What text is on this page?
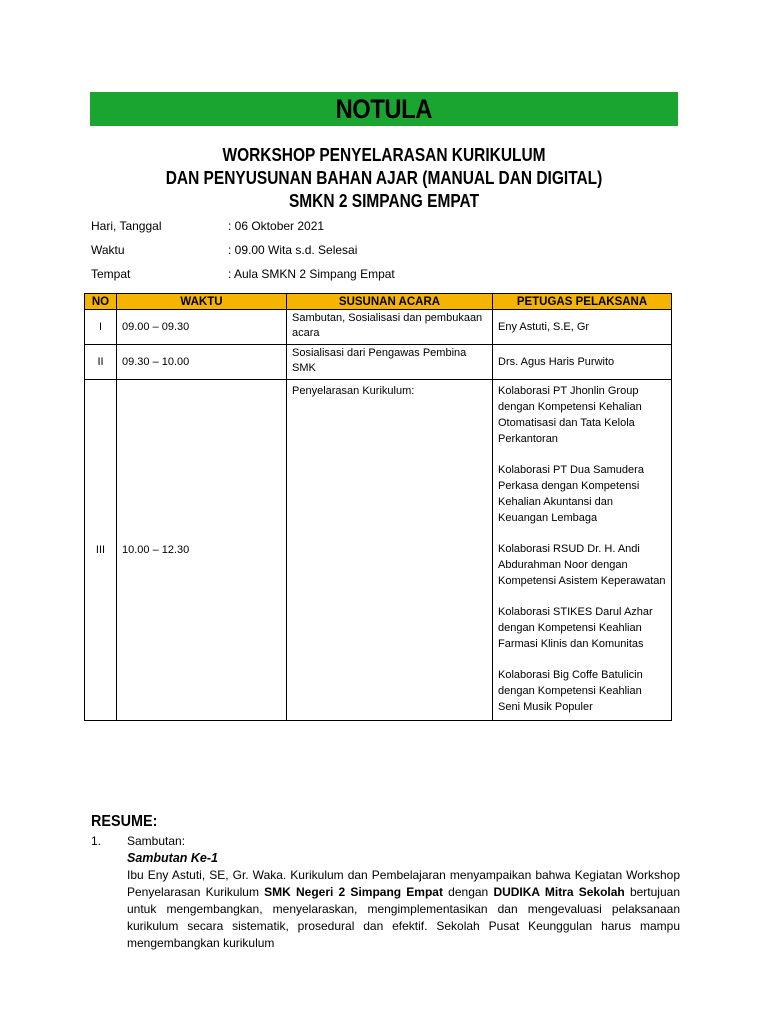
NOTULA
WORKSHOP PENYELARASAN KURIKULUM
DAN PENYUSUNAN BAHAN AJAR (MANUAL DAN DIGITAL)
SMKN 2 SIMPANG EMPAT
Hari, Tanggal	: 06 Oktober 2021
Waktu	: 09.00 Wita s.d. Selesai
Tempat	: Aula SMKN 2 Simpang Empat
NO	WAKTU	SUSUNAN ACARA	PETUGAS PELAKSANA
I	09.00 – 09.30	Sambutan, Sosialisasi dan pembukaan acara	Eny Astuti, S.E, Gr

II	09.30 – 10.00	Sosialisasi dari Pengawas Pembina SMK	Drs. Agus Haris Purwito

III	10.00 – 12.30	Penyelarasan Kurikulum:	Kolaborasi PT Jhonlin Group dengan Kompetensi Kehalian Otomatisasi dan Tata Kelola Perkantoran
Kolaborasi PT Dua Samudera Perkasa dengan Kompetensi Kehalian Akuntansi dan Keuangan Lembaga
Kolaborasi RSUD Dr. H. Andi Abdurahman Noor dengan Kompetensi Asistem Keperawatan
Kolaborasi STIKES Darul Azhar dengan Kompetensi Keahlian Farmasi Klinis dan Komunitas
Kolaborasi Big Coffe Batulicin dengan Kompetensi Keahlian Seni Musik Populer
RESUME:
1. Sambutan:
Sambutan Ke-1
Ibu Eny Astuti, SE, Gr. Waka. Kurikulum dan Pembelajaran menyampaikan bahwa Kegiatan Workshop Penyelarasan Kurikulum SMK Negeri 2 Simpang Empat dengan DUDIKA Mitra Sekolah bertujuan untuk mengembangkan, menyelaraskan, mengimplementasikan dan mengevaluasi pelaksanaan kurikulum secara sistematik, prosedural dan efektif. Sekolah Pusat Keunggulan harus mampu mengembangkan kurikulum
